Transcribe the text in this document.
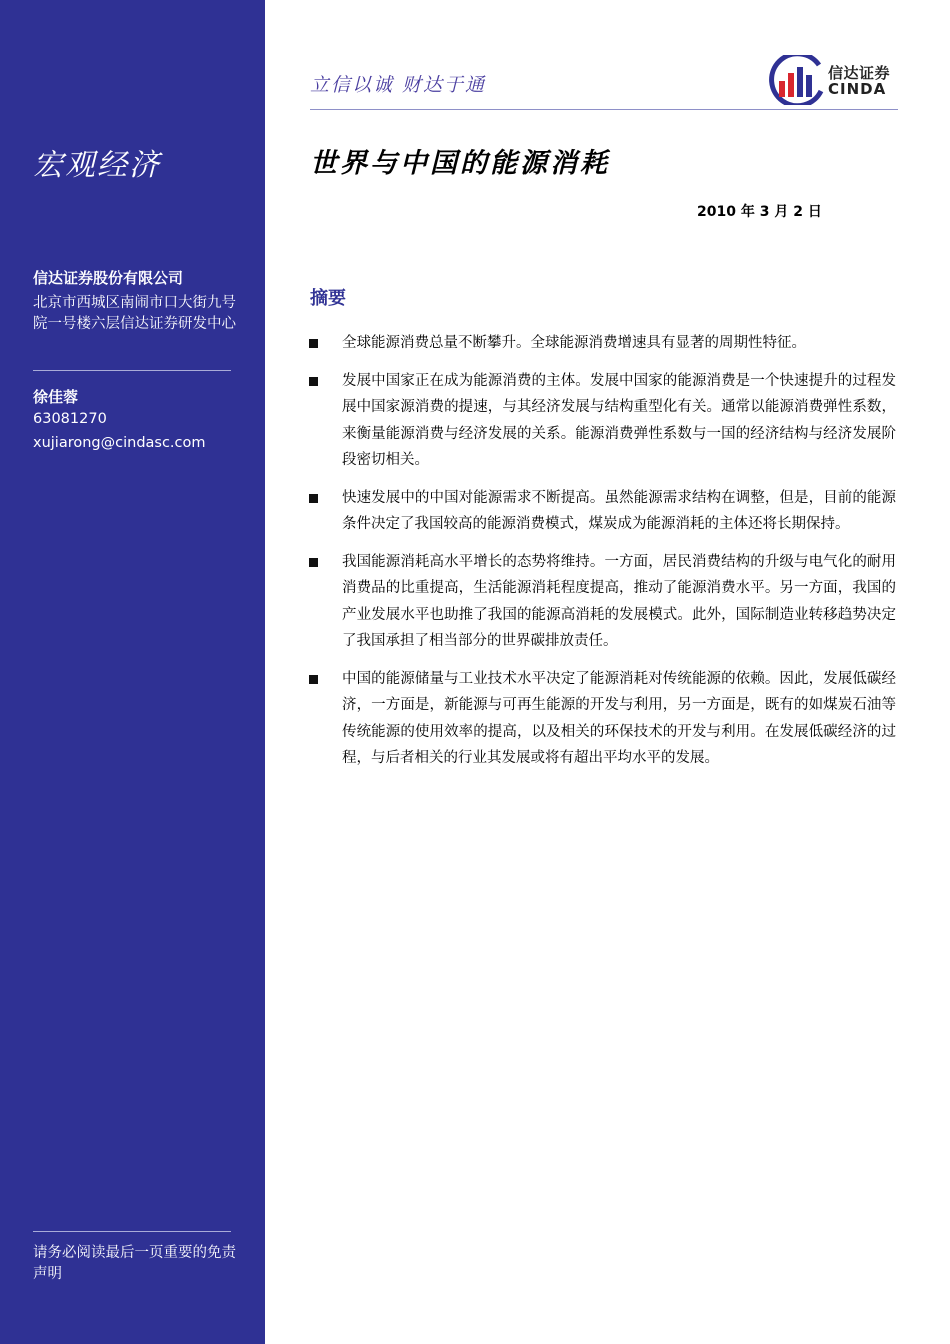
宏观经济
信达证券股份有限公司
北京市西城区南闹市口大街九号院一号楼六层信达证券研发中心
徐佳蓉
63081270
xujiarong@cindasc.com
请务必阅读最后一页重要的免责声明
立信以诚 财达于通
信达证券
CINDA
世界与中国的能源消耗
2010 年 3 月 2 日
摘要
全球能源消费总量不断攀升。全球能源消费增速具有显著的周期性特征。
发展中国家正在成为能源消费的主体。发展中国家的能源消费是一个快速提升的过程发展中国家源消费的提速，与其经济发展与结构重型化有关。通常以能源消费弹性系数，来衡量能源消费与经济发展的关系。能源消费弹性系数与一国的经济结构与经济发展阶段密切相关。
快速发展中的中国对能源需求不断提高。虽然能源需求结构在调整，但是，目前的能源条件决定了我国较高的能源消费模式，煤炭成为能源消耗的主体还将长期保持。
我国能源消耗高水平增长的态势将维持。一方面，居民消费结构的升级与电气化的耐用消费品的比重提高，生活能源消耗程度提高，推动了能源消费水平。另一方面，我国的产业发展水平也助推了我国的能源高消耗的发展模式。此外，国际制造业转移趋势决定了我国承担了相当部分的世界碳排放责任。
中国的能源储量与工业技术水平决定了能源消耗对传统能源的依赖。因此，发展低碳经济，一方面是，新能源与可再生能源的开发与利用，另一方面是，既有的如煤炭石油等传统能源的使用效率的提高，以及相关的环保技术的开发与利用。在发展低碳经济的过程，与后者相关的行业其发展或将有超出平均水平的发展。
